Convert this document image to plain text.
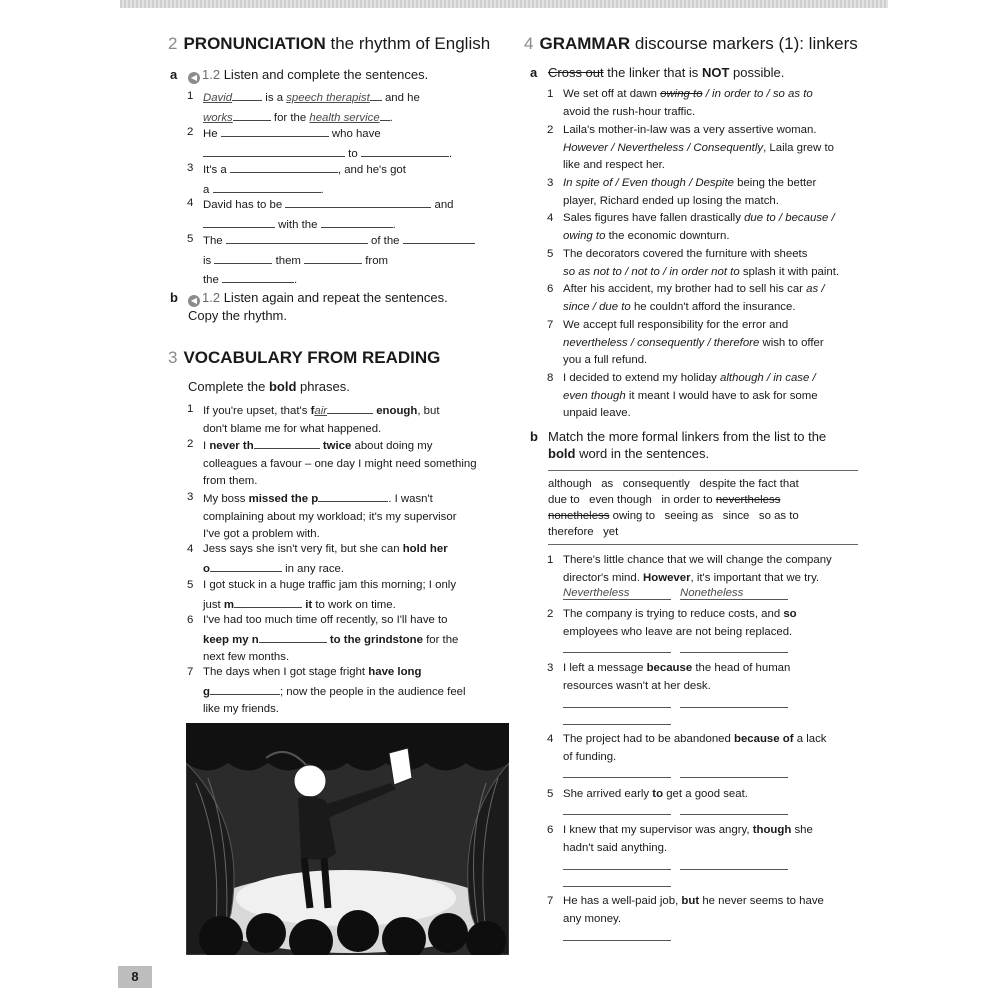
2 PRONUNCIATION the rhythm of English
a ◀ 1.2 Listen and complete the sentences.
1 David	is a speech therapist and he
works	for the health service .
2 He	who have
to	.
3 It's a	, and he's got
a	.
4 David has to be	and
with the	.
5 The	of the
is	them	from
the	.
b ◀ 1.2 Listen again and repeat the sentences.
Copy the rhythm.
3 VOCABULARY FROM READING
Complete the bold phrases.
1 If you're upset, that's fair	enough, but
don't blame me for what happened.
2 I never th	twice about doing my
colleagues a favour – one day I might need something
from them.
3 My boss missed the p	. I wasn't
complaining about my workload; it's my supervisor
I've got a problem with.
4 Jess says she isn't very fit, but she can hold her
o	in any race.
5 I got stuck in a huge traffic jam this morning; I only
just m	it to work on time.
6 I've had too much time off recently, so I'll have to
keep my n	to the grindstone for the
next few months.
7 The days when I got stage fright have long
g	; now the people in the audience feel
like my friends.
8
4 GRAMMAR discourse markers (1): linkers
a Cross out the linker that is NOT possible.
1 We set off at dawn owing to / in order to / so as to
avoid the rush-hour traffic.
2 Laila's mother-in-law was a very assertive woman.
However / Nevertheless / Consequently, Laila grew to
like and respect her.
3 In spite of / Even though / Despite being the better
player, Richard ended up losing the match.
4 Sales figures have fallen drastically due to / because /
owing to the economic downturn.
5 The decorators covered the furniture with sheets
so as not to / not to / in order not to splash it with paint.
6 After his accident, my brother had to sell his car as /
since / due to he couldn't afford the insurance.
7 We accept full responsibility for the error and
nevertheless / consequently / therefore wish to offer
you a full refund.
8 I decided to extend my holiday although / in case /
even though it meant I would have to ask for some
unpaid leave.
b Match the more formal linkers from the list to the
bold word in the sentences.
although   as   consequently   despite the fact that
due to   even though   in order to nevertheless
nonetheless owing to   seeing as   since   so as to
therefore   yet
1 There's little chance that we will change the company
director's mind. However, it's important that we try.
Nevertheless	Nonetheless
2 The company is trying to reduce costs, and so
employees who leave are not being replaced.
3 I left a message because the head of human
resources wasn't at her desk.
4 The project had to be abandoned because of a lack
of funding.
5 She arrived early to get a good seat.
6 I knew that my supervisor was angry, though she
hadn't said anything.
7 He has a well-paid job, but he never seems to have
any money.
